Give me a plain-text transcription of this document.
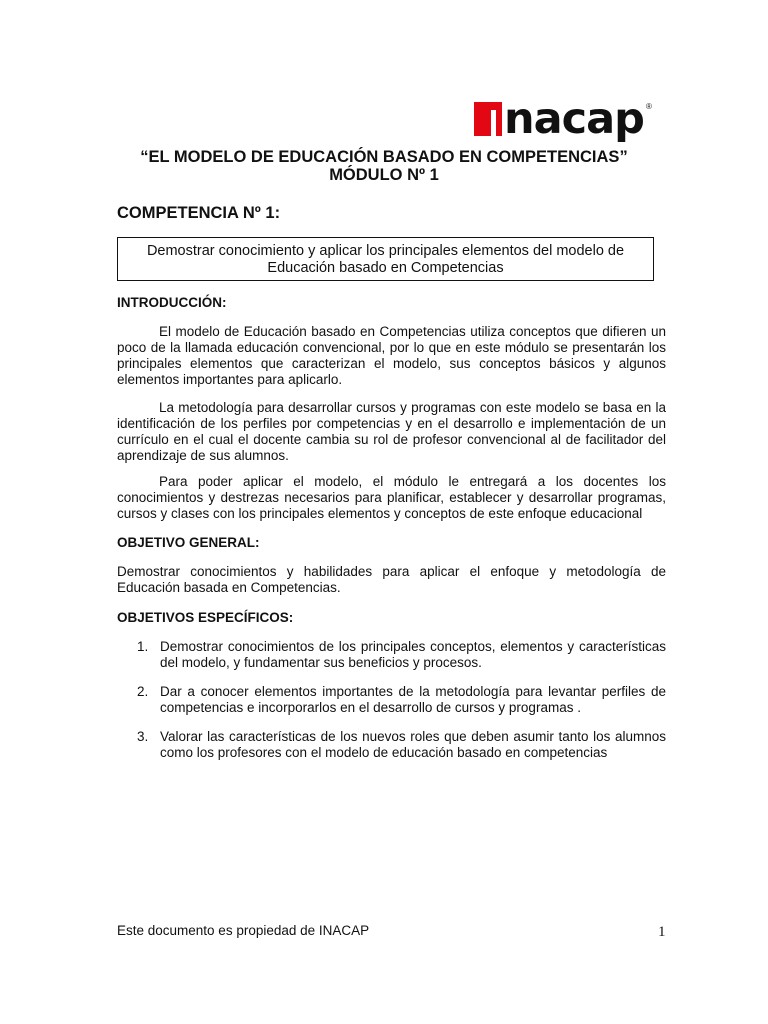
nacap ®
“EL MODELO DE EDUCACIÓN BASADO EN COMPETENCIAS”
MÓDULO Nº 1
COMPETENCIA Nº 1:
Demostrar conocimiento y aplicar los principales elementos del modelo de Educación basado en Competencias
INTRODUCCIÓN:
El modelo de Educación basado en Competencias utiliza conceptos que difieren un poco de la llamada educación convencional, por lo que en este módulo se presentarán los principales elementos que caracterizan el modelo, sus conceptos básicos y algunos elementos importantes para aplicarlo.
La metodología para desarrollar cursos y programas con este modelo se basa en la identificación de los perfiles por competencias y en el desarrollo e implementación de un currículo en el cual el docente cambia su rol de profesor convencional al de facilitador del aprendizaje de sus alumnos.
Para poder aplicar el modelo, el módulo le entregará a los docentes los conocimientos y destrezas necesarios para planificar, establecer y desarrollar programas, cursos y clases con los principales elementos y conceptos de este enfoque educacional
OBJETIVO GENERAL:
Demostrar conocimientos y habilidades para aplicar el enfoque y metodología de Educación basada en Competencias.
OBJETIVOS ESPECÍFICOS:
1. Demostrar conocimientos de los principales conceptos, elementos y características del modelo, y fundamentar sus beneficios y procesos.
2. Dar a conocer elementos importantes de la metodología para levantar perfiles de competencias e incorporarlos en el desarrollo de cursos y programas .
3. Valorar las características de los nuevos roles que deben asumir tanto los alumnos como los profesores con el modelo de educación basado en competencias
Este documento es propiedad de INACAP	1
